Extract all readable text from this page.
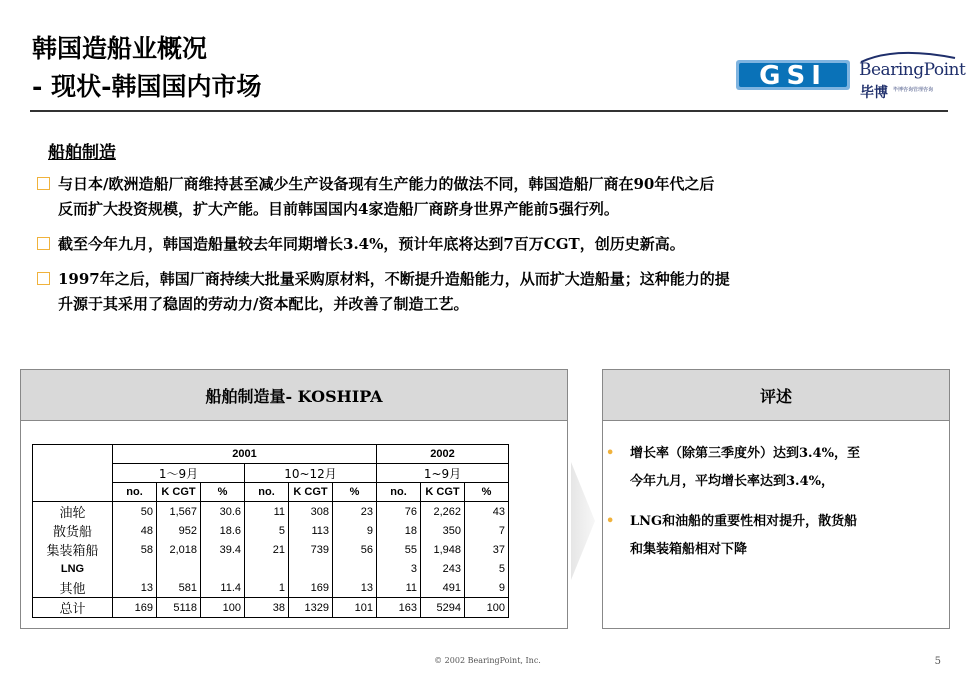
韩国造船业概况
- 现状-韩国国内市场	GSI BearingPoint
毕博 毕博咨询管理咨询
船舶制造
与日本/欧洲造船厂商维持甚至减少生产设备现有生产能力的做法不同，韩国造船厂商在90年代之后
反而扩大投资规模，扩大产能。目前韩国国内4家造船厂商跻身世界产能前5强行列。
截至今年九月，韩国造船量较去年同期增长3.4%，预计年底将达到7百万CGT，创历史新高。
1997年之后，韩国厂商持续大批量采购原材料，不断提升造船能力，从而扩大造船量；这种能力的提
升源于其采用了稳固的劳动力/资本配比，并改善了制造工艺。
船舶制造量- KOSHIPA
	2001						2002		
	1～9月			10~12月			1~9月		
	no.	K CGT	%	no.	K CGT	%	no.	K CGT	%
油轮	50	1,567	30.6	11	308	23	76	2,262	43
散货船	48	952	18.6	5	113	9	18	350	7
集装箱船	58	2,018	39.4	21	739	56	55	1,948	37
LNG							3	243	5
其他	13	581	11.4	1	169	13	11	491	9
总计	169	5118	100	38	1329	101	163	5294	100
评述
• 增长率（除第三季度外）达到3.4%，至
今年九月，平均增长率达到3.4%，
• LNG和油船的重要性相对提升，散货船
和集装箱船相对下降
© 2002 BearingPoint, Inc.	5
